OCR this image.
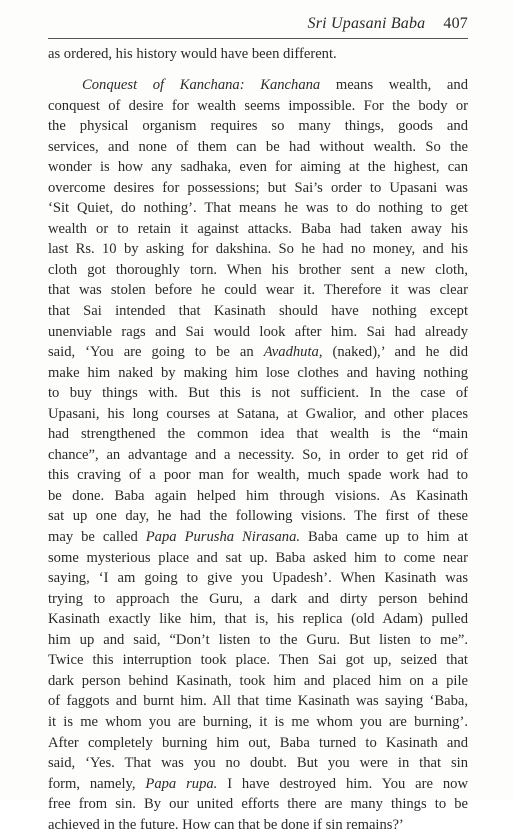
Sri Upasani Baba 407
as ordered, his history would have been different.
Conquest of Kanchana: Kanchana means wealth, and
conquest of desire for wealth seems impossible. For the body or
the physical organism requires so many things, goods and
services, and none of them can be had without wealth. So the
wonder is how any sadhaka, even for aiming at the highest, can
overcome desires for possessions; but Sai’s order to Upasani was
‘Sit Quiet, do nothing’. That means he was to do nothing to get
wealth or to retain it against attacks. Baba had taken away his
last Rs. 10 by asking for dakshina. So he had no money, and his
cloth got thoroughly torn. When his brother sent a new cloth,
that was stolen before he could wear it. Therefore it was clear
that Sai intended that Kasinath should have nothing except
unenviable rags and Sai would look after him. Sai had already
said, ‘You are going to be an Avadhuta, (naked),’ and he did
make him naked by making him lose clothes and having nothing
to buy things with. But this is not sufficient. In the case of
Upasani, his long courses at Satana, at Gwalior, and other places
had strengthened the common idea that wealth is the “main
chance”, an advantage and a necessity. So, in order to get rid of
this craving of a poor man for wealth, much spade work had to
be done. Baba again helped him through visions. As Kasinath
sat up one day, he had the following visions. The first of these
may be called Papa Purusha Nirasana. Baba came up to him at
some mysterious place and sat up. Baba asked him to come near
saying, ‘I am going to give you Upadesh’. When Kasinath was
trying to approach the Guru, a dark and dirty person behind
Kasinath exactly like him, that is, his replica (old Adam) pulled
him up and said, “Don’t listen to the Guru. But listen to me”.
Twice this interruption took place. Then Sai got up, seized that
dark person behind Kasinath, took him and placed him on a pile
of faggots and burnt him. All that time Kasinath was saying ‘Baba,
it is me whom you are burning, it is me whom you are burning’.
After completely burning him out, Baba turned to Kasinath and
said, ‘Yes. That was you no doubt. But you were in that sin
form, namely, Papa rupa. I have destroyed him. You are now
free from sin. By our united efforts there are many things to be
achieved in the future. How can that be done if sin remains?’
